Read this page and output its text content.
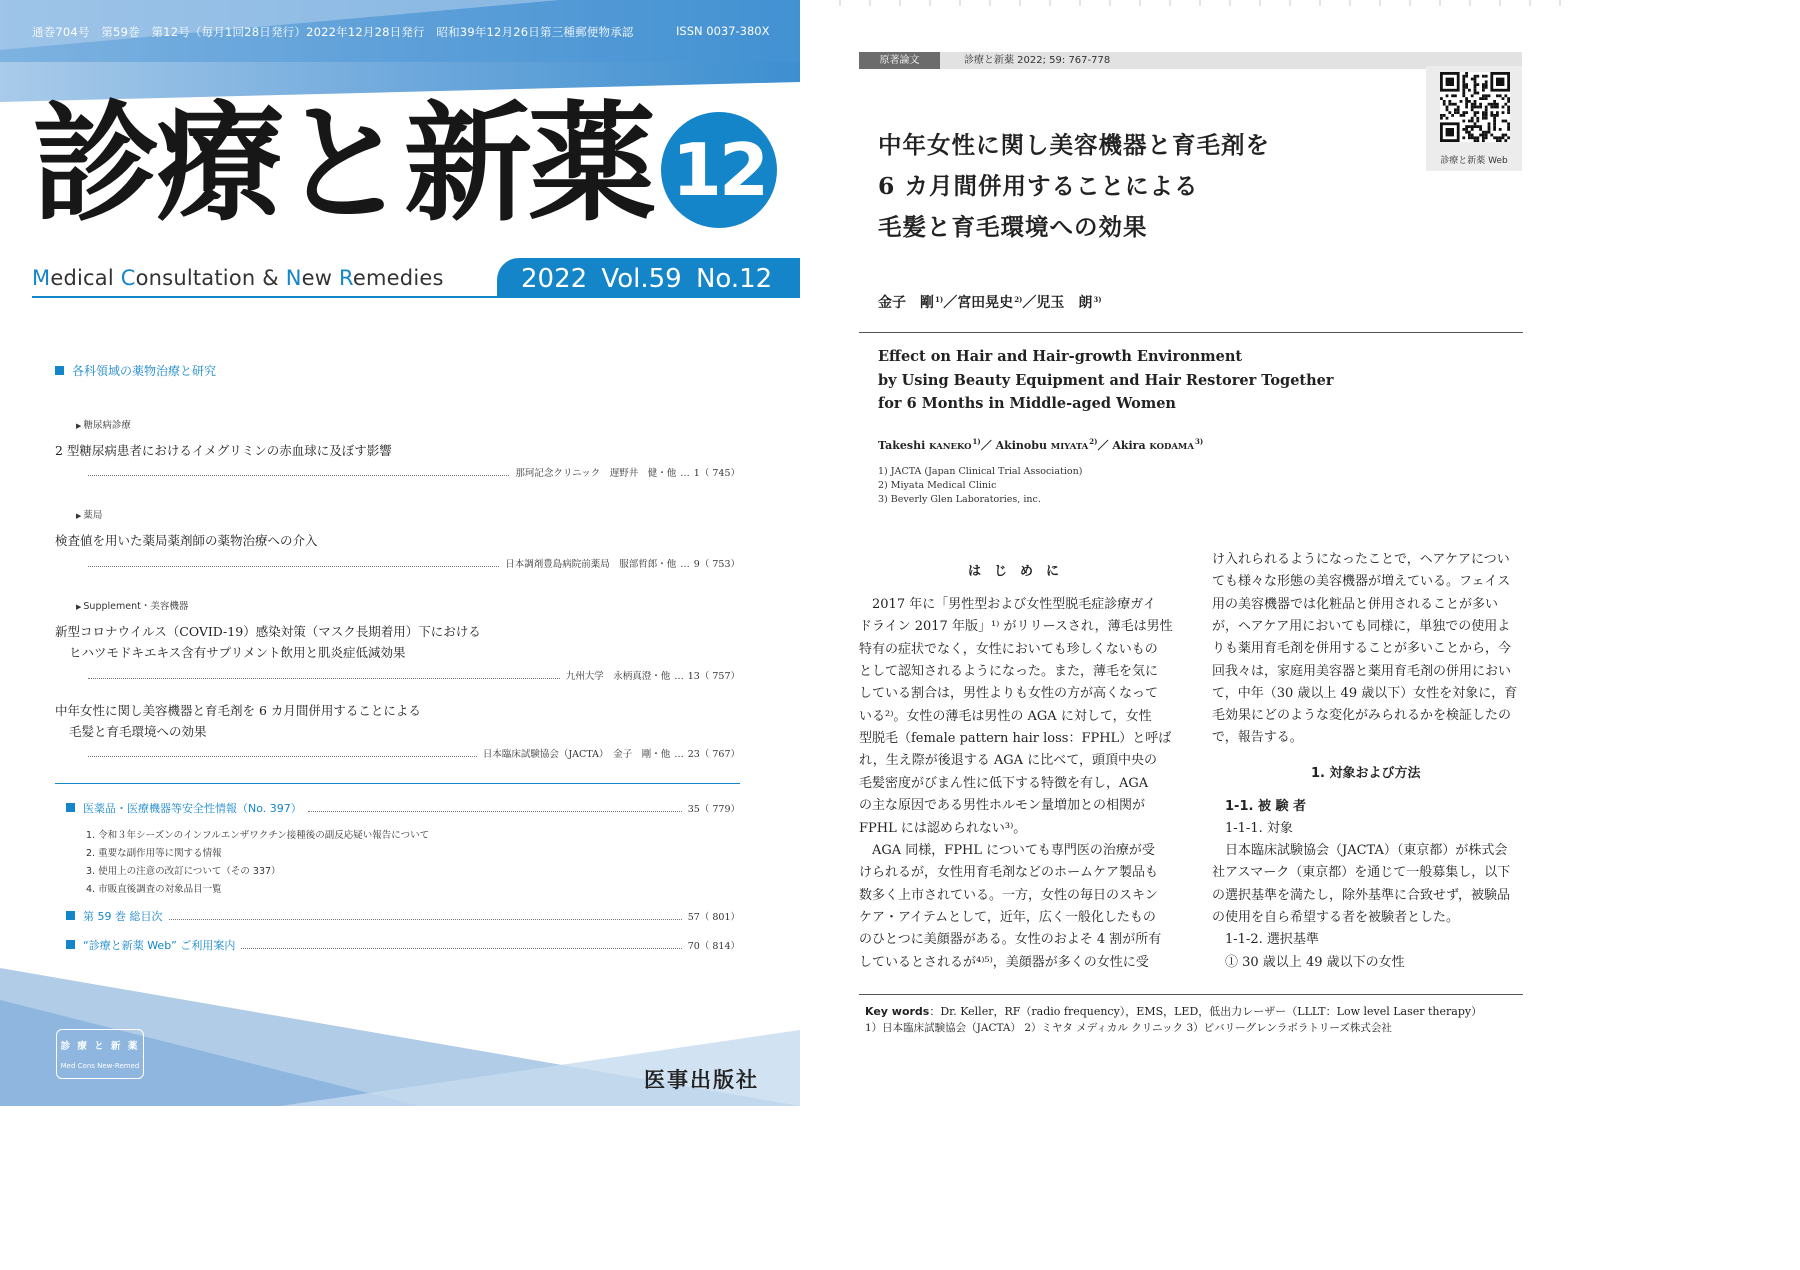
通巻704号　第59巻　第12号（毎月1回28日発行）2022年12月28日発行　昭和39年12月26日第三種郵便物承認	ISSN 0037-380X
診療と新薬 12
Medical Consultation & New Remedies	2022 Vol.59 No.12
各科領域の薬物治療と研究
▶ 糖尿病診療
2 型糖尿病患者におけるイメグリミンの赤血球に及ぼす影響
那珂記念クリニック　遅野井　健・他 … 1（ 745）
▶ 薬局
検査値を用いた薬局薬剤師の薬物治療への介入
日本調剤豊島病院前薬局　服部哲郎・他 … 9（ 753）
▶ Supplement・美容機器
新型コロナウイルス（COVID-19）感染対策（マスク長期着用）下における
ヒハツモドキエキス含有サプリメント飲用と肌炎症低減効果
九州大学　永柄真澄・他 … 13（ 757）
中年女性に関し美容機器と育毛剤を 6 カ月間併用することによる
毛髪と育毛環境への効果
日本臨床試験協会（JACTA）　金子　剛・他 … 23（ 767）
医薬品・医療機器等安全性情報（No. 397）	35（ 779）
1. 令和３年シーズンのインフルエンザワクチン接種後の副反応疑い報告について
2. 重要な副作用等に関する情報
3. 使用上の注意の改訂について（その 337）
4. 市販直後調査の対象品目一覧
第 59 巻 総目次	57（ 801）
“診療と新薬 Web” ご利用案内	70（ 814）
診 療 と 新 薬
Med Cons New-Remed
医事出版社
原著論文	診療と新薬 2022; 59: 767-778
診療と新薬 Web
中年女性に関し美容機器と育毛剤を
6 カ月間併用することによる
毛髪と育毛環境への効果
金子　剛$^{1)}$／宮田晃史$^{2)}$／児玉　朗$^{3)}$
Effect on Hair and Hair-growth Environment
by Using Beauty Equipment and Hair Restorer Together
for 6 Months in Middle-aged Women
Takeshi KANEKO$^{1)}$／ Akinobu MIYATA$^{2)}$／ Akira KODAMA$^{3)}$
1) JACTA (Japan Clinical Trial Association)
2) Miyata Medical Clinic
3) Beverly Glen Laboratories, inc.
は　じ　め　に
　2017 年に「男性型および女性型脱毛症診療ガイ
ドライン 2017 年版」¹⁾ がリリースされ，薄毛は男性
特有の症状でなく，女性においても珍しくないもの
として認知されるようになった。また，薄毛を気に
している割合は，男性よりも女性の方が高くなって
いる²⁾。女性の薄毛は男性の AGA に対して，女性
型脱毛（female pattern hair loss：FPHL）と呼ば
れ，生え際が後退する AGA に比べて，頭頂中央の
毛髪密度がびまん性に低下する特徴を有し，AGA
の主な原因である男性ホルモン量増加との相関が
FPHL には認められない³⁾。
　AGA 同様，FPHL についても専門医の治療が受
けられるが，女性用育毛剤などのホームケア製品も
数多く上市されている。一方，女性の毎日のスキン
ケア・アイテムとして，近年，広く一般化したもの
のひとつに美顔器がある。女性のおよそ 4 割が所有
しているとされるが⁴⁾⁵⁾，美顔器が多くの女性に受
け入れられるようになったことで，ヘアケアについ
ても様々な形態の美容機器が増えている。フェイス
用の美容機器では化粧品と併用されることが多い
が，ヘアケア用においても同様に，単独での使用よ
りも薬用育毛剤を併用することが多いことから，今
回我々は，家庭用美容器と薬用育毛剤の併用におい
て，中年（30 歳以上 49 歳以下）女性を対象に，育
毛効果にどのような変化がみられるかを検証したの
で，報告する。
　日本臨床試験協会（JACTA）（東京都）が株式会
社アスマーク（東京都）を通じて一般募集し，以下
の選択基準を満たし，除外基準に合致せず，被験品
の使用を自ら希望する者を被験者とした。
1. 対象および方法
1-1. 被 験 者
1-1-1. 対象
1-1-2. 選択基準
① 30 歳以上 49 歳以下の女性
Key words：Dr. Keller，RF（radio frequency），EMS，LED，低出力レーザー（LLLT：Low level Laser therapy）
1）日本臨床試験協会（JACTA） 2）ミヤタ メディカル クリニック 3）ビバリーグレンラボラトリーズ株式会社
